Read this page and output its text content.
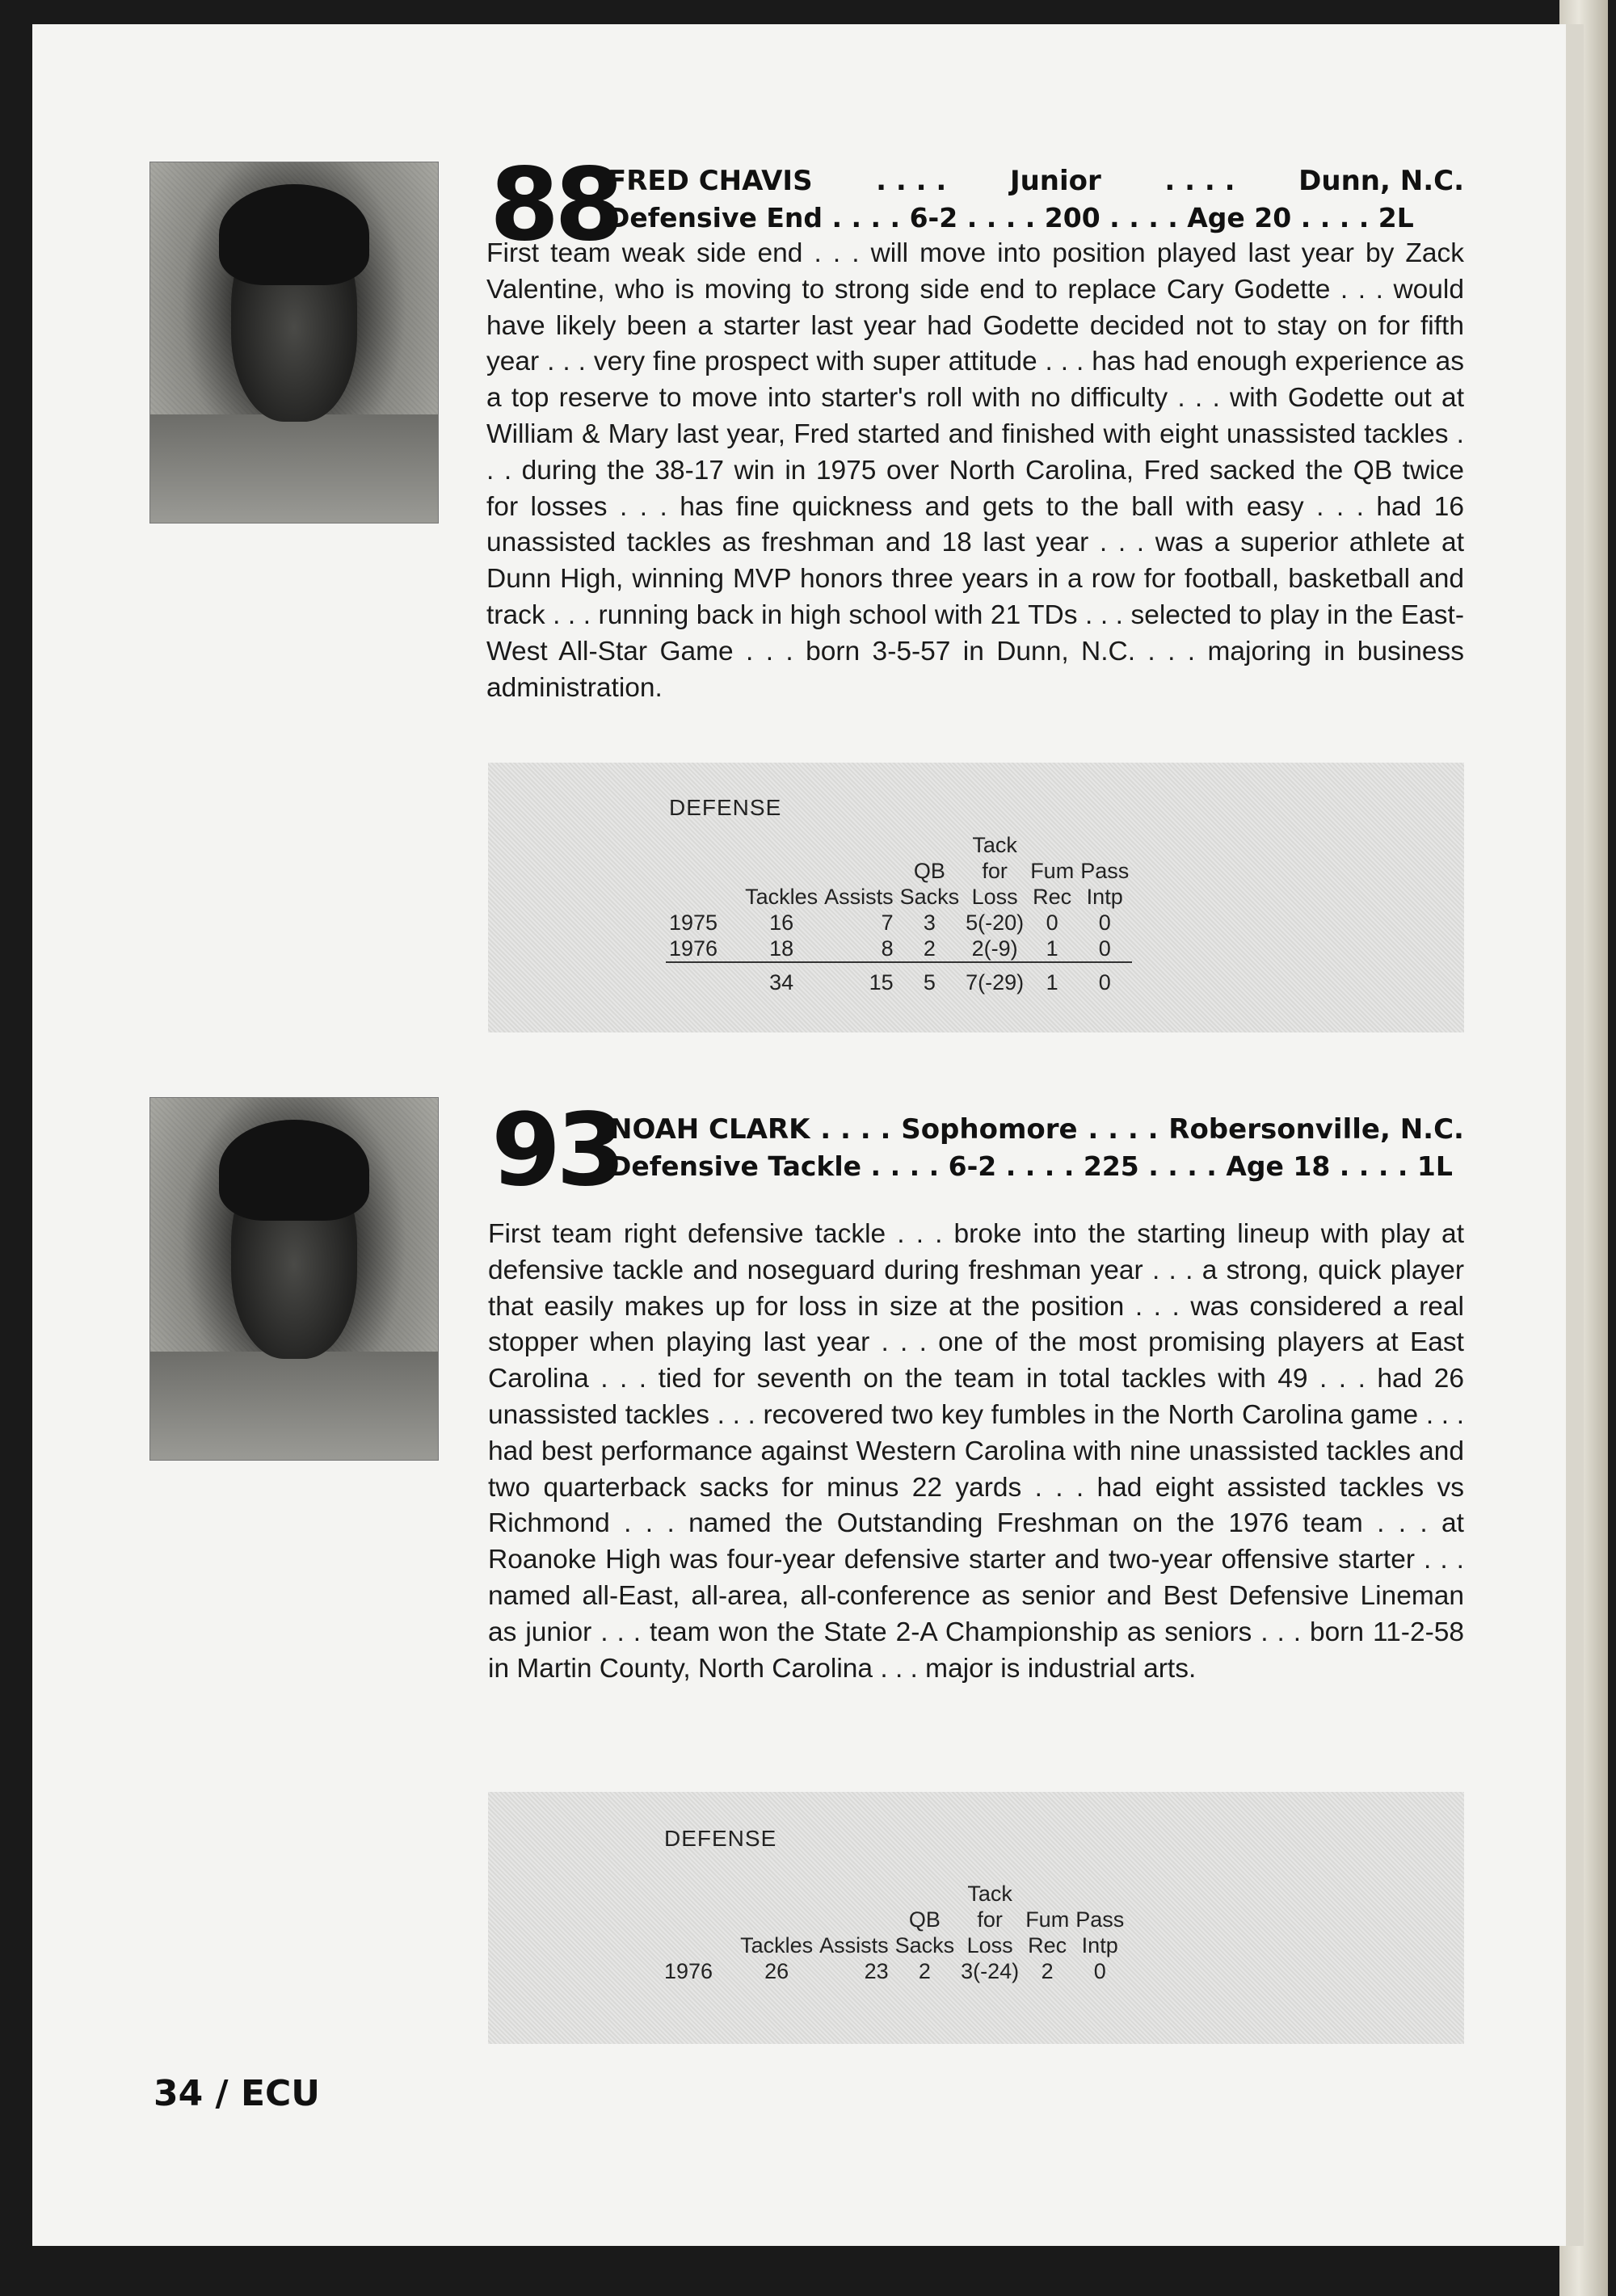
88
FRED CHAVIS . . . . Junior . . . . Dunn, N.C.
Defensive End . . . . 6-2 . . . . 200 . . . . Age 20 . . . . 2L
First team weak side end . . . will move into position played last year by Zack Valentine, who is moving to strong side end to replace Cary Godette . . . would have likely been a starter last year had Godette decided not to stay on for fifth year . . . very fine prospect with super attitude . . . has had enough experience as a top reserve to move into starter's roll with no difficulty . . . with Godette out at William & Mary last year, Fred started and finished with eight unassisted tackles . . . during the 38-17 win in 1975 over North Carolina, Fred sacked the QB twice for losses . . . has fine quickness and gets to the ball with easy . . . had 16 unassisted tackles as freshman and 18 last year . . . was a superior athlete at Dunn High, winning MVP honors three years in a row for football, basketball and track . . . running back in high school with 21 TDs . . . selected to play in the East-West All-Star Game . . . born 3-5-57 in Dunn, N.C. . . . majoring in business administration.
DEFENSE
				Tack		
			QB	for	Fum	Pass
	Tackles	Assists	Sacks	Loss	Rec	Intp
1975	16	7	3	5(-20)	0	0
1976	18	8	2	2(-9)	1	0
	34	15	5	7(-29)	1	0
93
NOAH CLARK . . . . Sophomore . . . . Robersonville, N.C.
Defensive Tackle . . . . 6-2 . . . . 225 . . . . Age 18 . . . . 1L
First team right defensive tackle . . . broke into the starting lineup with play at defensive tackle and noseguard during freshman year . . . a strong, quick player that easily makes up for loss in size at the position . . . was considered a real stopper when playing last year . . . one of the most promising players at East Carolina . . . tied for seventh on the team in total tackles with 49 . . . had 26 unassisted tackles . . . recovered two key fumbles in the North Carolina game . . . had best performance against Western Carolina with nine unassisted tackles and two quarterback sacks for minus 22 yards . . . had eight assisted tackles vs Richmond . . . named the Outstanding Freshman on the 1976 team . . . at Roanoke High was four-year defensive starter and two-year offensive starter . . . named all-East, all-area, all-conference as senior and Best Defensive Lineman as junior . . . team won the State 2-A Championship as seniors . . . born 11-2-58 in Martin County, North Carolina . . . major is industrial arts.
DEFENSE
				Tack		
			QB	for	Fum	Pass
	Tackles	Assists	Sacks	Loss	Rec	Intp
1976	26	23	2	3(-24)	2	0
34 / ECU
